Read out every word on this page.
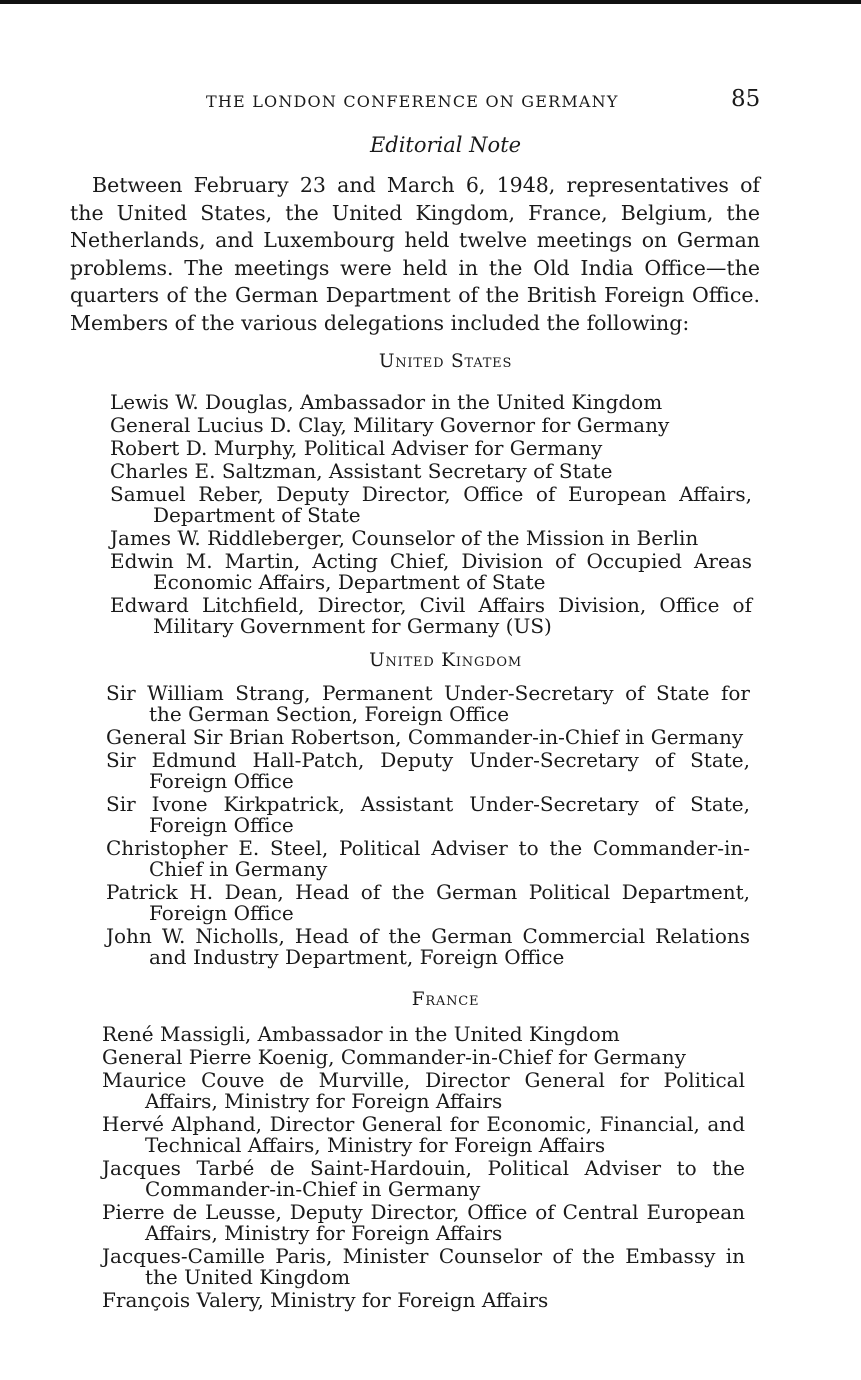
THE LONDON CONFERENCE ON GERMANY	85
Editorial Note

Between February 23 and March 6, 1948, representatives of the United States, the United Kingdom, France, Belgium, the Netherlands, and Luxembourg held twelve meetings on German problems. The meetings were held in the Old India Office—the quarters of the German Department of the British Foreign Office. Members of the various delegations included the following:

United States
Lewis W. Douglas, Ambassador in the United Kingdom
General Lucius D. Clay, Military Governor for Germany
Robert D. Murphy, Political Adviser for Germany
Charles E. Saltzman, Assistant Secretary of State
Samuel Reber, Deputy Director, Office of European Affairs, Department of State
James W. Riddleberger, Counselor of the Mission in Berlin
Edwin M. Martin, Acting Chief, Division of Occupied Areas Economic Affairs, Department of State
Edward Litchfield, Director, Civil Affairs Division, Office of Military Government for Germany (US)
United Kingdom
Sir William Strang, Permanent Under-Secretary of State for the German Section, Foreign Office
General Sir Brian Robertson, Commander-in-Chief in Germany
Sir Edmund Hall-Patch, Deputy Under-Secretary of State, Foreign Office
Sir Ivone Kirkpatrick, Assistant Under-Secretary of State, Foreign Office
Christopher E. Steel, Political Adviser to the Commander-in-Chief in Germany
Patrick H. Dean, Head of the German Political Department, Foreign Office
John W. Nicholls, Head of the German Commercial Relations and Industry Department, Foreign Office
France
René Massigli, Ambassador in the United Kingdom
General Pierre Koenig, Commander-in-Chief for Germany
Maurice Couve de Murville, Director General for Political Affairs, Ministry for Foreign Affairs
Hervé Alphand, Director General for Economic, Financial, and Technical Affairs, Ministry for Foreign Affairs
Jacques Tarbé de Saint-Hardouin, Political Adviser to the Commander-in-Chief in Germany
Pierre de Leusse, Deputy Director, Office of Central European Affairs, Ministry for Foreign Affairs
Jacques-Camille Paris, Minister Counselor of the Embassy in the United Kingdom
François Valery, Ministry for Foreign Affairs
